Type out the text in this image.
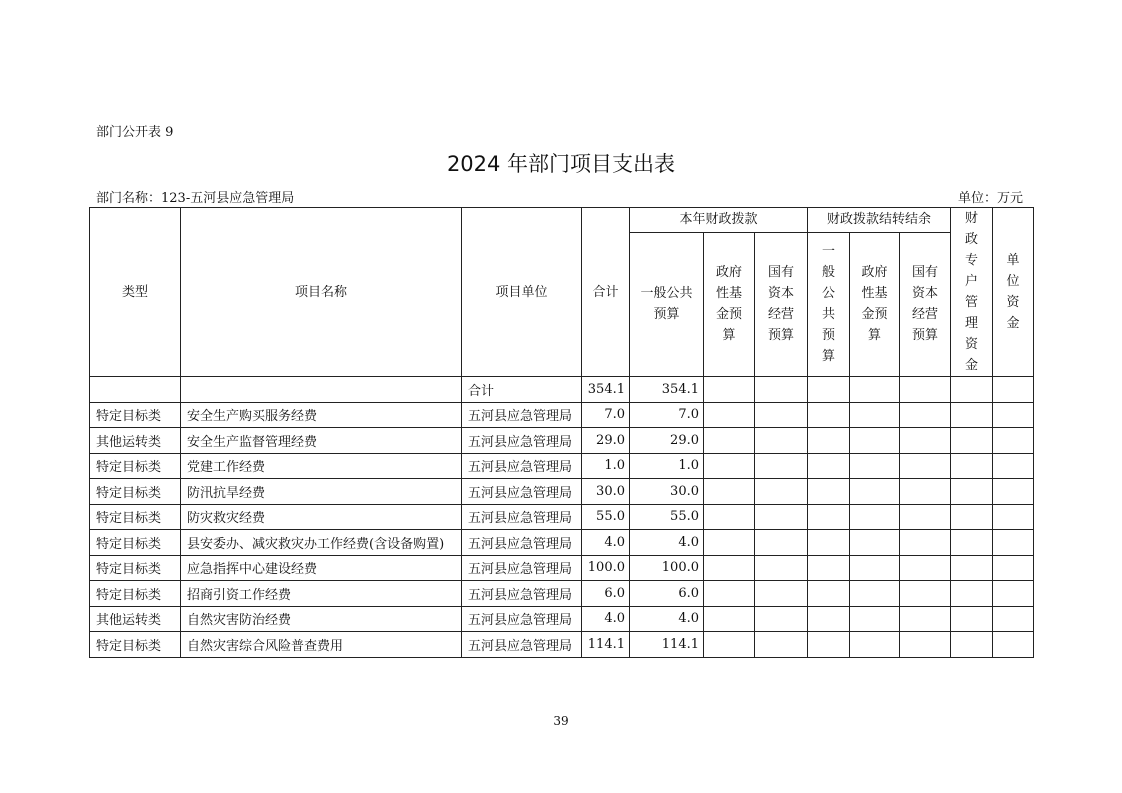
部门公开表 9
2024 年部门项目支出表
部门名称：123-五河县应急管理局	单位：万元
类型	项目名称	项目单位	合计	本年财政拨款			财政拨款结转结余			财政专户管理资金	单位资金

				一般公共预算	政府性基金预算	国有资本经营预算	一般公共预算	政府性基金预算	国有资本经营预算		

		合计	354.1	354.1							
特定目标类	安全生产购买服务经费	五河县应急管理局	7.0	7.0							
其他运转类	安全生产监督管理经费	五河县应急管理局	29.0	29.0							
特定目标类	党建工作经费	五河县应急管理局	1.0	1.0							
特定目标类	防汛抗旱经费	五河县应急管理局	30.0	30.0							
特定目标类	防灾救灾经费	五河县应急管理局	55.0	55.0							
特定目标类	县安委办、减灾救灾办工作经费(含设备购置)	五河县应急管理局	4.0	4.0							
特定目标类	应急指挥中心建设经费	五河县应急管理局	100.0	100.0							
特定目标类	招商引资工作经费	五河县应急管理局	6.0	6.0							
其他运转类	自然灾害防治经费	五河县应急管理局	4.0	4.0							
特定目标类	自然灾害综合风险普查费用	五河县应急管理局	114.1	114.1							
39
